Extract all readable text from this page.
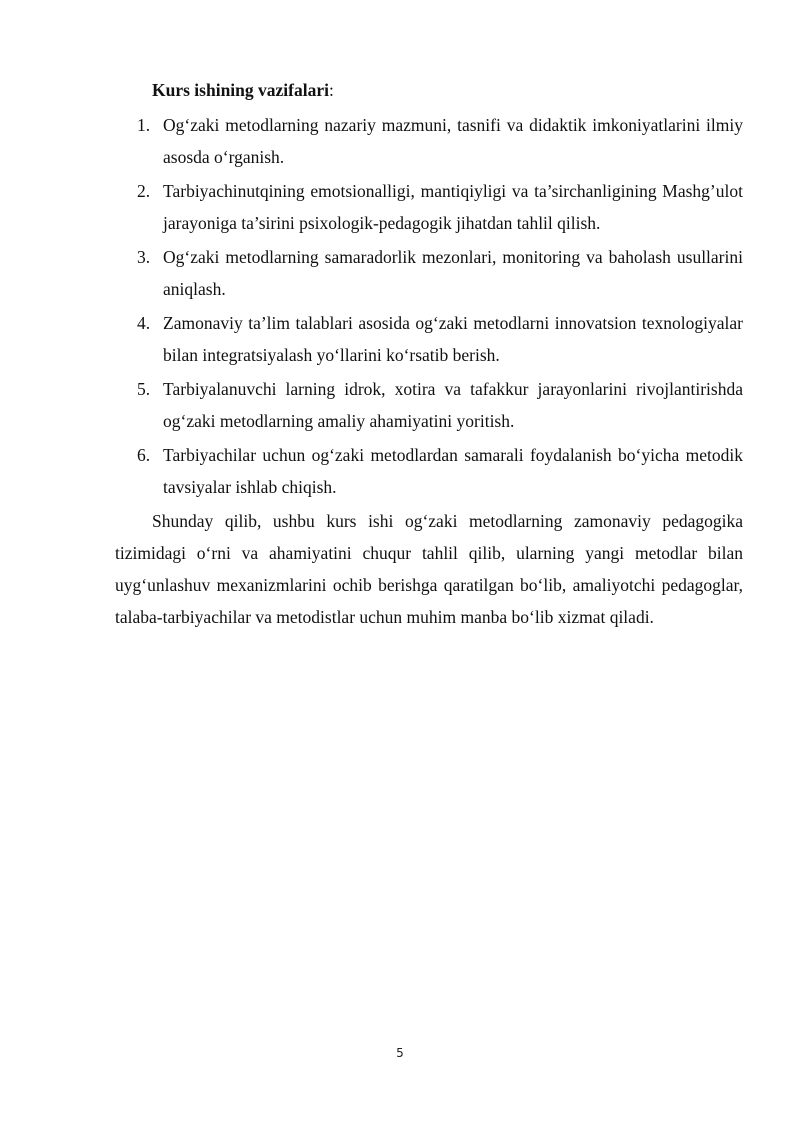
Kurs ishining vazifalari:

1. Og‘zaki metodlarning nazariy mazmuni, tasnifi va didaktik imkoniyatlarini ilmiy asosda o‘rganish.
2. Tarbiyachinutqining emotsionalligi, mantiqiyligi va ta’sirchanligining Mashg’ulot jarayoniga ta’sirini psixologik-pedagogik jihatdan tahlil qilish.
3. Og‘zaki metodlarning samaradorlik mezonlari, monitoring va baholash usullarini aniqlash.
4. Zamonaviy ta’lim talablari asosida og‘zaki metodlarni innovatsion texnologiyalar bilan integratsiyalash yo‘llarini ko‘rsatib berish.
5. Tarbiyalanuvchi larning idrok, xotira va tafakkur jarayonlarini rivojlantirishda og‘zaki metodlarning amaliy ahamiyatini yoritish.
6. Tarbiyachilar uchun og‘zaki metodlardan samarali foydalanish bo‘yicha metodik tavsiyalar ishlab chiqish.

Shunday qilib, ushbu kurs ishi og‘zaki metodlarning zamonaviy pedagogika tizimidagi o‘rni va ahamiyatini chuqur tahlil qilib, ularning yangi metodlar bilan uyg‘unlashuv mexanizmlarini ochib berishga qaratilgan bo‘lib, amaliyotchi pedagoglar, talaba-tarbiyachilar va metodistlar uchun muhim manba bo‘lib xizmat qiladi.

5
